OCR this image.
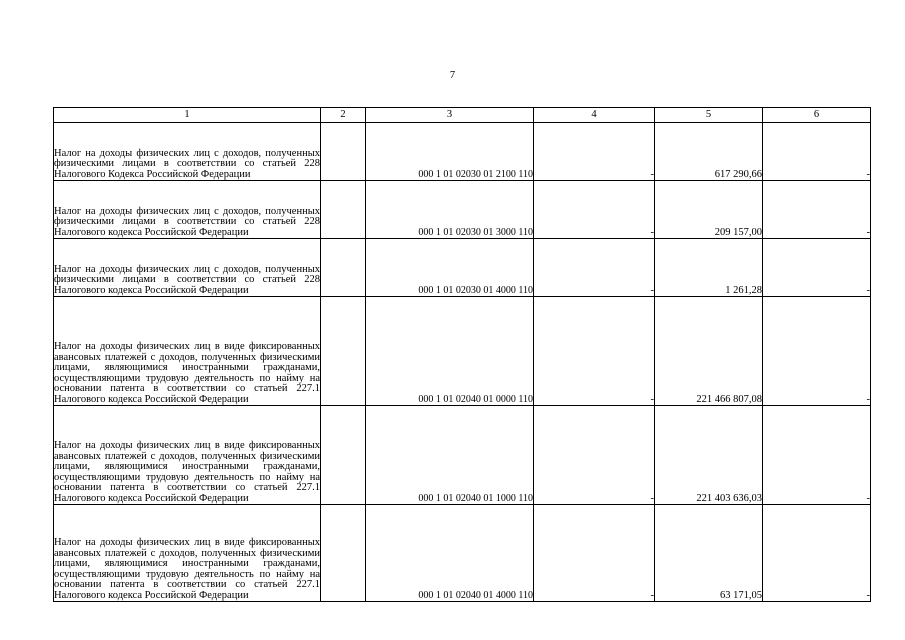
7
1	2	3	4	5	6
Налог на доходы физических лиц с доходов, полученных физическими лицами в соответствии со статьей 228 Налогового Кодекса Российской Федерации		000 1 01 02030 01 2100 110	-	617 290,66	-
Налог на доходы физических лиц с доходов, полученных физическими лицами в соответствии со статьей 228 Налогового кодекса Российской Федерации		000 1 01 02030 01 3000 110	-	209 157,00	-
Налог на доходы физических лиц с доходов, полученных физическими лицами в соответствии со статьей 228 Налогового кодекса Российской Федерации		000 1 01 02030 01 4000 110	-	1 261,28	-
Налог на доходы физических лиц в виде фиксированных авансовых платежей с доходов, полученных физическими лицами, являющимися иностранными гражданами, осуществляющими трудовую деятельность по найму на основании патента в соответствии со статьей 227.1 Налогового кодекса Российской Федерации		000 1 01 02040 01 0000 110	-	221 466 807,08	-
Налог на доходы физических лиц в виде фиксированных авансовых платежей с доходов, полученных физическими лицами, являющимися иностранными гражданами, осуществляющими трудовую деятельность по найму на основании патента в соответствии со статьей 227.1 Налогового кодекса Российской Федерации		000 1 01 02040 01 1000 110	-	221 403 636,03	-
Налог на доходы физических лиц в виде фиксированных авансовых платежей с доходов, полученных физическими лицами, являющимися иностранными гражданами, осуществляющими трудовую деятельность по найму на основании патента в соответствии со статьей 227.1 Налогового кодекса Российской Федерации		000 1 01 02040 01 4000 110	-	63 171,05	-
